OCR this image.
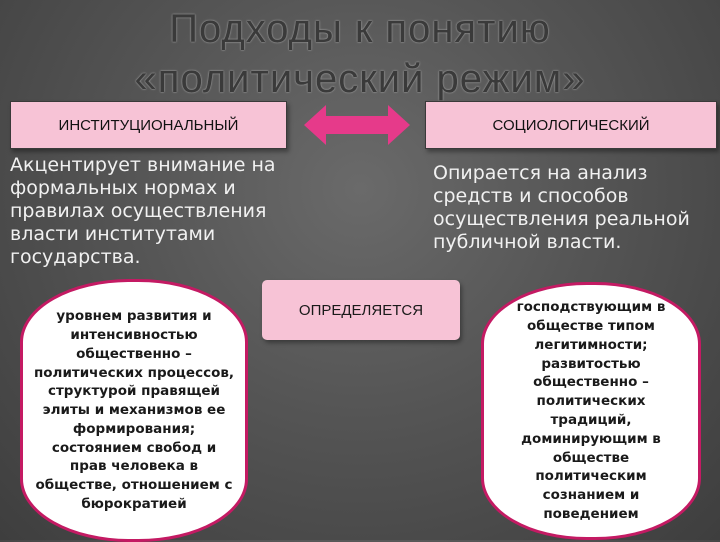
Подходы к понятию «политический режим»
ИНСТИТУЦИОНАЛЬНЫЙ	СОЦИОЛОГИЧЕСКИЙ
Акцентирует внимание на формальных нормах и правилах осуществления власти институтами государства.
Опирается на анализ средств и способов осуществления реальной публичной власти.
уровнем развития и интенсивностью общественно – политических процессов, структурой правящей элиты и механизмов ее формирования; состоянием свобод и прав человека в обществе, отношением с бюрократией
ОПРЕДЕЛЯЕТСЯ	господствующим в обществе типом легитимности; развитостью общественно – политических традиций, доминирующим в обществе политическим сознанием и поведением
